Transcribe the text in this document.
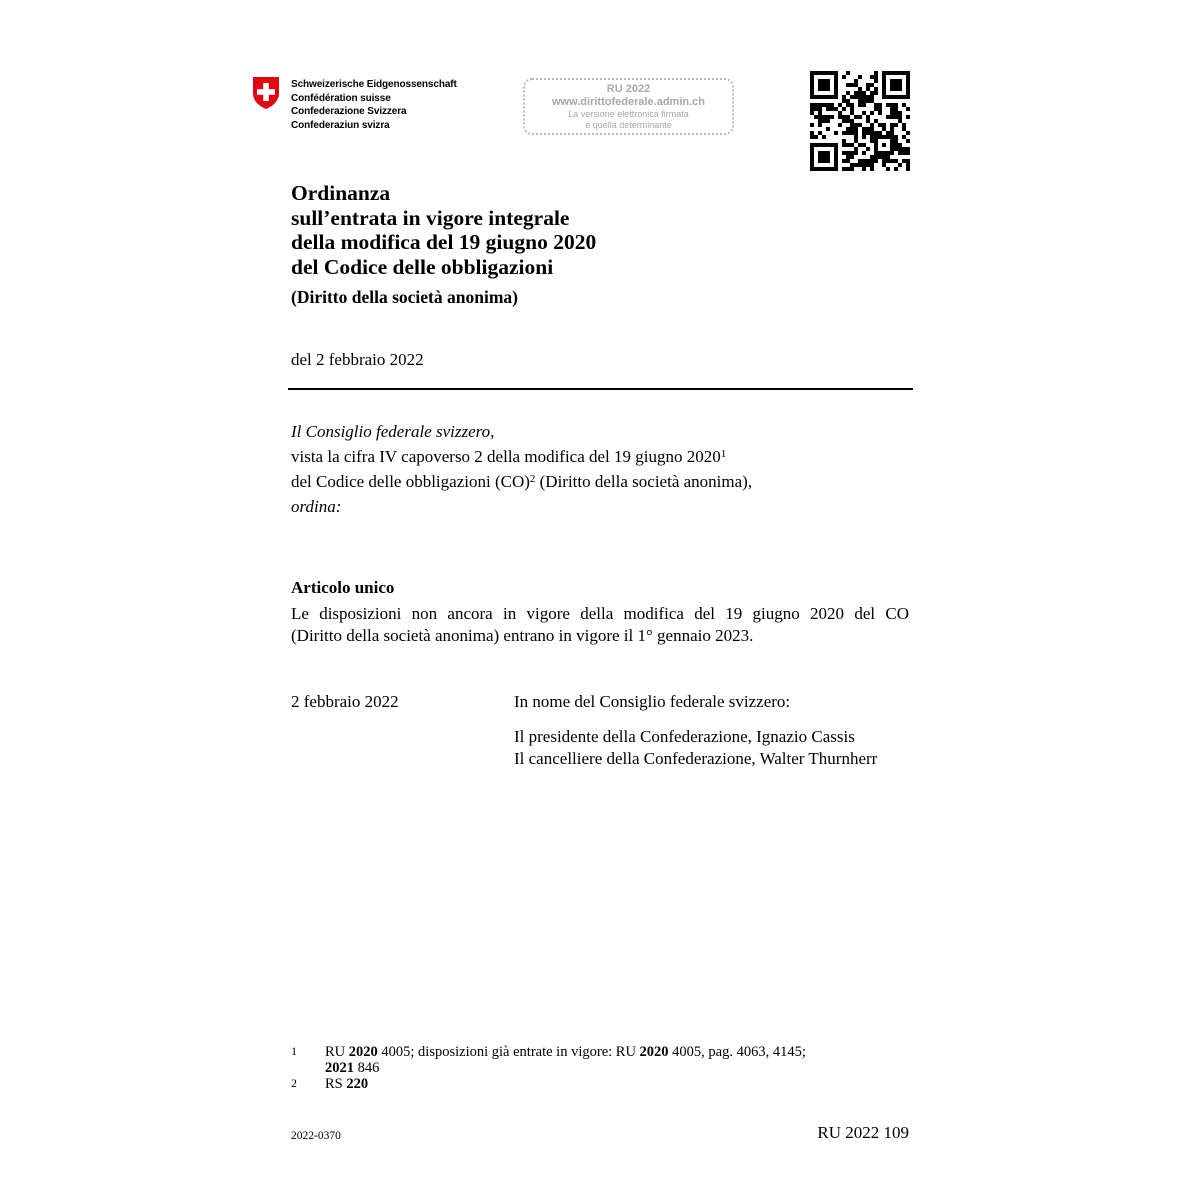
Schweizerische Eidgenossenschaft
Confédération suisse
Confederazione Svizzera
Confederaziun svizra
RU 2022
www.dirittofederale.admin.ch
La versione elettronica firmata
è quella determinante
Ordinanza
sull’entrata in vigore integrale
della modifica del 19 giugno 2020
del Codice delle obbligazioni
(Diritto della società anonima)
del 2 febbraio 2022
Il Consiglio federale svizzero,
vista la cifra IV capoverso 2 della modifica del 19 giugno 2020$^1$
del Codice delle obbligazioni (CO)$^2$ (Diritto della società anonima),
ordina:
Articolo unico
Le disposizioni non ancora in vigore della modifica del 19 giugno 2020 del CO
(Diritto della società anonima) entrano in vigore il 1° gennaio 2023.
2 febbraio 2022	In nome del Consiglio federale svizzero:
Il presidente della Confederazione, Ignazio Cassis
Il cancelliere della Confederazione, Walter Thurnherr
1	RU 2020 4005; disposizioni già entrate in vigore: RU 2020 4005, pag. 4063, 4145;
2021 846
2	RS 220
2022-0370	RU 2022 109
